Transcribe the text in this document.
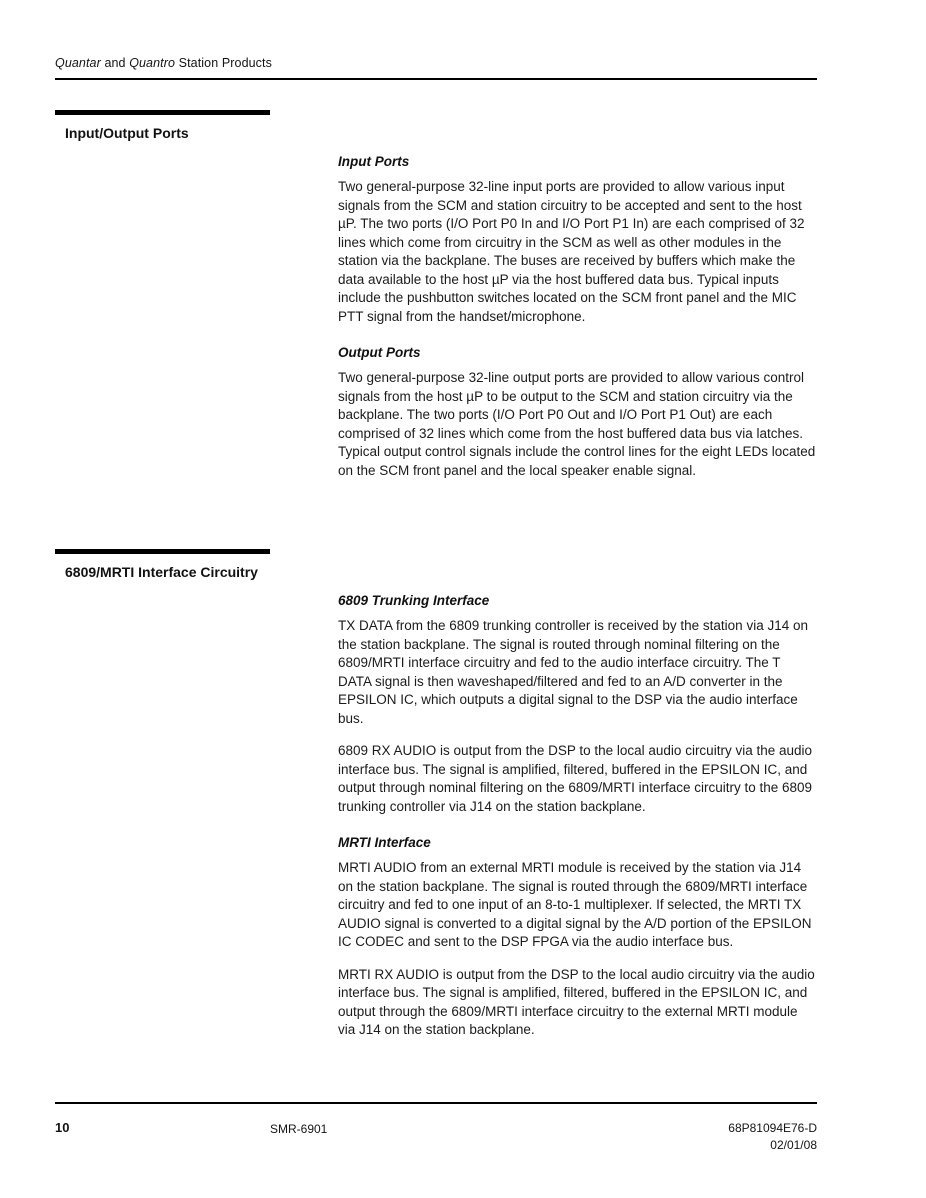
Quantar and Quantro Station Products
Input/Output Ports
Input Ports

Two general-purpose 32-line input ports are provided to allow various input signals from the SCM and station circuitry to be accepted and sent to the host µP. The two ports (I/O Port P0 In and I/O Port P1 In) are each comprised of 32 lines which come from circuitry in the SCM as well as other modules in the station via the backplane. The buses are received by buffers which make the data available to the host µP via the host buffered data bus. Typical inputs include the pushbutton switches located on the SCM front panel and the MIC PTT signal from the handset/microphone.

Output Ports

Two general-purpose 32-line output ports are provided to allow various control signals from the host µP to be output to the SCM and station circuitry via the backplane. The two ports (I/O Port P0 Out and I/O Port P1 Out) are each comprised of 32 lines which come from the host buffered data bus via latches. Typical output control signals include the control lines for the eight LEDs located on the SCM front panel and the local speaker enable signal.

6809/MRTI Interface Circuitry
6809 Trunking Interface

TX DATA from the 6809 trunking controller is received by the station via J14 on the station backplane. The signal is routed through nominal filtering on the 6809/MRTI interface circuitry and fed to the audio interface circuitry. The T DATA signal is then waveshaped/filtered and fed to an A/D converter in the EPSILON IC, which outputs a digital signal to the DSP via the audio interface bus.

6809 RX AUDIO is output from the DSP to the local audio circuitry via the audio interface bus. The signal is amplified, filtered, buffered in the EPSILON IC, and output through nominal filtering on the 6809/MRTI interface circuitry to the 6809 trunking controller via J14 on the station backplane.

MRTI Interface

MRTI AUDIO from an external MRTI module is received by the station via J14 on the station backplane. The signal is routed through the 6809/MRTI interface circuitry and fed to one input of an 8-to-1 multiplexer. If selected, the MRTI TX AUDIO signal is converted to a digital signal by the A/D portion of the EPSILON IC CODEC and sent to the DSP FPGA via the audio interface bus.

MRTI RX AUDIO is output from the DSP to the local audio circuitry via the audio interface bus. The signal is amplified, filtered, buffered in the EPSILON IC, and output through the 6809/MRTI interface circuitry to the external MRTI module via J14 on the station backplane.

10	SMR-6901	68P81094E76-D
02/01/08
